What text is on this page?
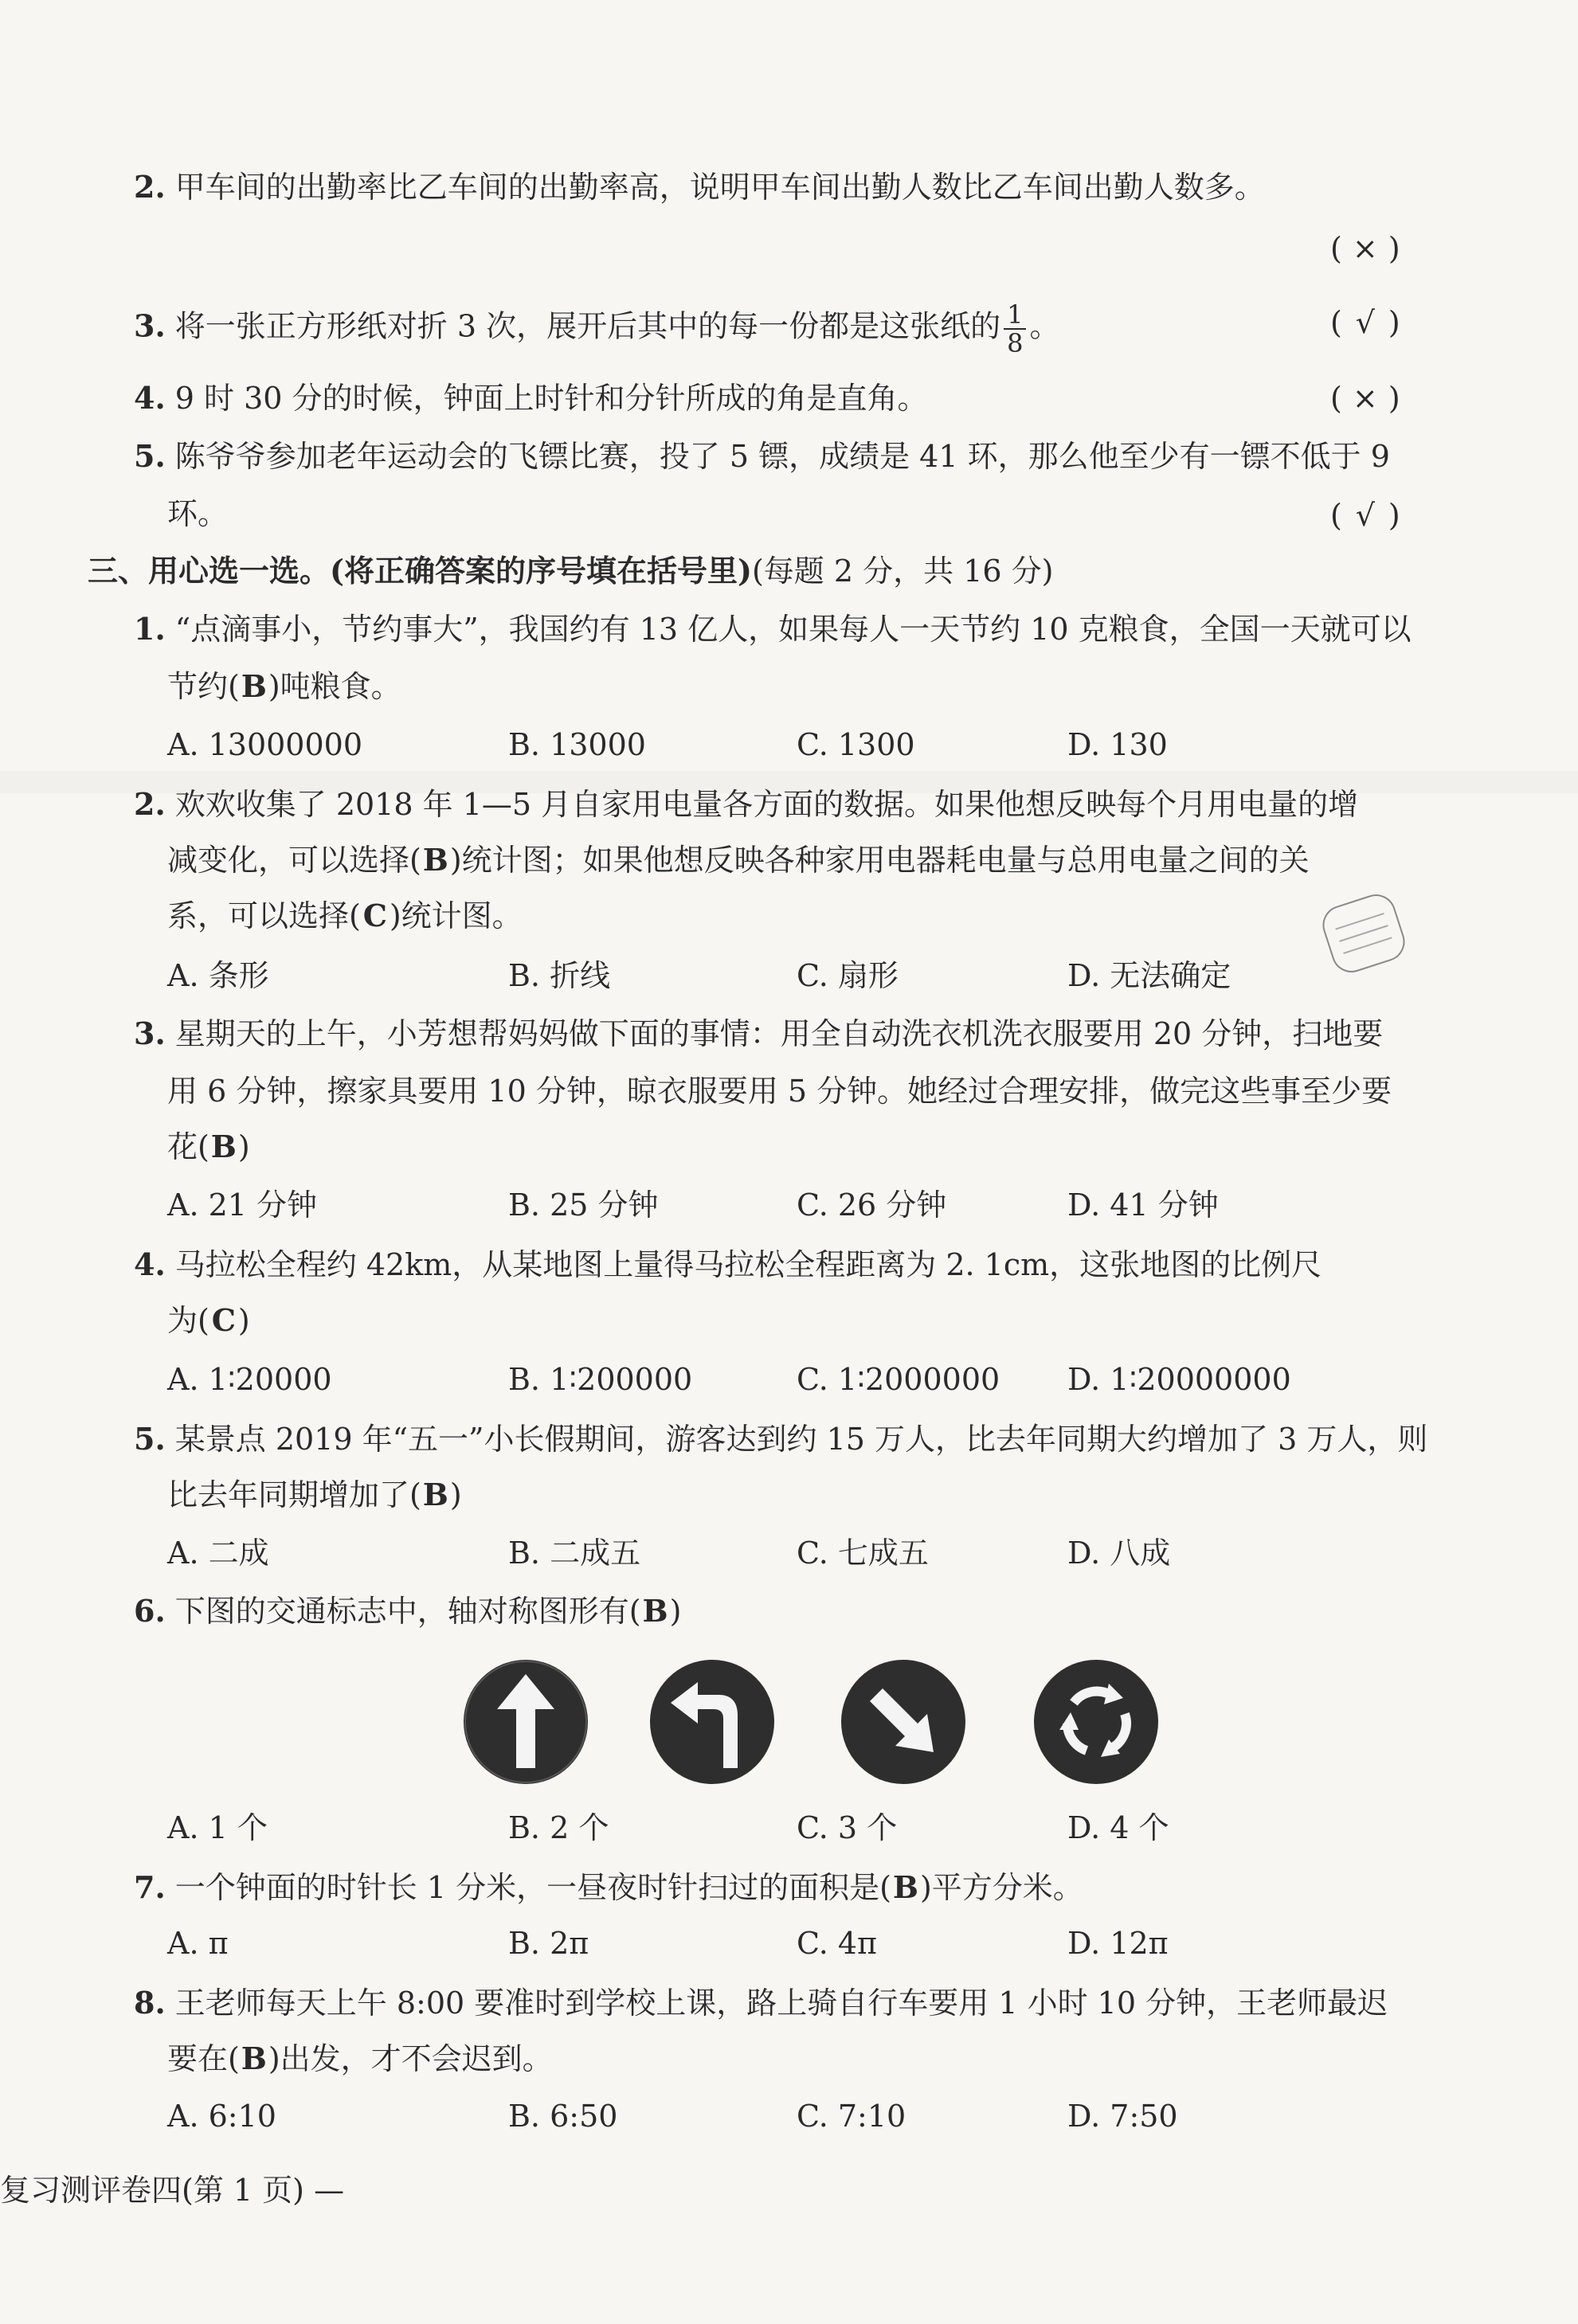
2. 甲车间的出勤率比乙车间的出勤率高，说明甲车间出勤人数比乙车间出勤人数多。
( × )
3. 将一张正方形纸对折 3 次，展开后其中的每一份都是这张纸的 $\frac{1}{8}$ 。	( √ )
4. 9 时 30 分的时候，钟面上时针和分针所成的角是直角。	( × )
5. 陈爷爷参加老年运动会的飞镖比赛，投了 5 镖，成绩是 41 环，那么他至少有一镖不低于 9
环。	( √ )
三、用心选一选。(将正确答案的序号填在括号里)(每题 2 分，共 16 分)
1. “点滴事小，节约事大”，我国约有 13 亿人，如果每人一天节约 10 克粮食，全国一天就可以
节约(B)吨粮食。
A. 13000000	B. 13000	C. 1300	D. 130
2. 欢欢收集了 2018 年 1—5 月自家用电量各方面的数据。如果他想反映每个月用电量的增
减变化，可以选择(B)统计图；如果他想反映各种家用电器耗电量与总用电量之间的关
系，可以选择(C)统计图。
A. 条形	B. 折线	C. 扇形	D. 无法确定
3. 星期天的上午，小芳想帮妈妈做下面的事情：用全自动洗衣机洗衣服要用 20 分钟，扫地要
用 6 分钟，擦家具要用 10 分钟，晾衣服要用 5 分钟。她经过合理安排，做完这些事至少要
花(B)
A. 21 分钟	B. 25 分钟	C. 26 分钟	D. 41 分钟
4. 马拉松全程约 42km，从某地图上量得马拉松全程距离为 2. 1cm，这张地图的比例尺
为(C)
A. 1∶20000	B. 1∶200000	C. 1∶2000000 D. 1∶20000000
5. 某景点 2019 年“五一”小长假期间，游客达到约 15 万人，比去年同期大约增加了 3 万人，则
比去年同期增加了(B)
A. 二成	B. 二成五	C. 七成五	D. 八成
6. 下图的交通标志中，轴对称图形有(B)
A. 1 个	B. 2 个	C. 3 个	D. 4 个
7. 一个钟面的时针长 1 分米，一昼夜时针扫过的面积是(B)平方分米。
A. π	B. 2π	C. 4π	D. 12π
8. 王老师每天上午 8:00 要准时到学校上课，路上骑自行车要用 1 小时 10 分钟，王老师最迟
要在(B)出发，才不会迟到。
A. 6:10	B. 6:50	C. 7:10	D. 7:50
复习测评卷四(第 1 页) —
